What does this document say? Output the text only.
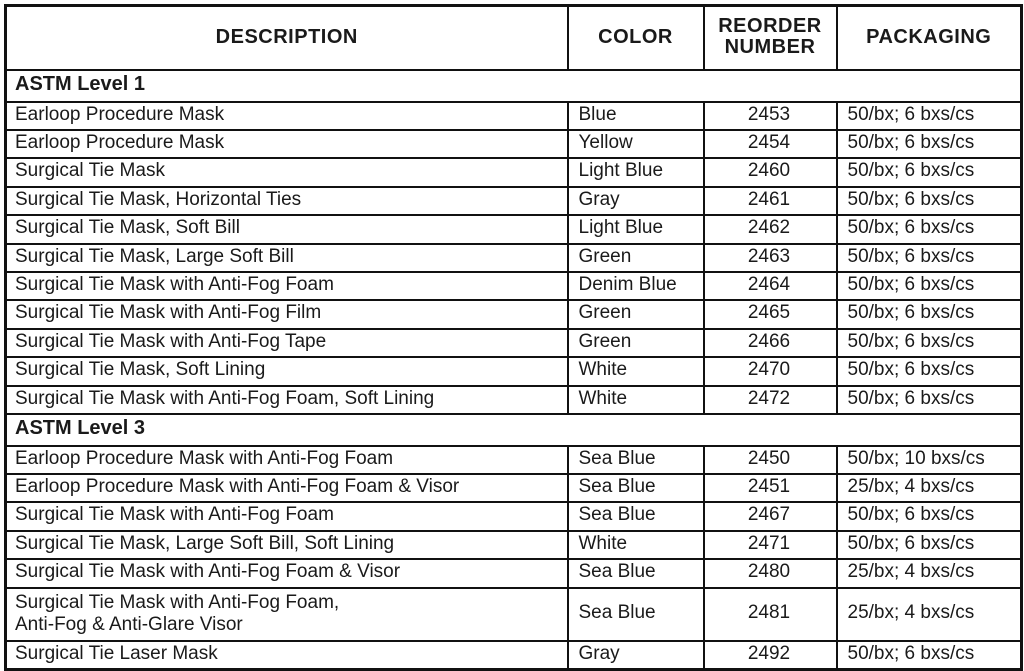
DESCRIPTION	COLOR	REORDER NUMBER	PACKAGING
ASTM Level 1			
Earloop Procedure Mask	Blue	2453	50/bx; 6 bxs/cs
Earloop Procedure Mask	Yellow	2454	50/bx; 6 bxs/cs
Surgical Tie Mask	Light Blue	2460	50/bx; 6 bxs/cs
Surgical Tie Mask, Horizontal Ties	Gray	2461	50/bx; 6 bxs/cs
Surgical Tie Mask, Soft Bill	Light Blue	2462	50/bx; 6 bxs/cs
Surgical Tie Mask, Large Soft Bill	Green	2463	50/bx; 6 bxs/cs
Surgical Tie Mask with Anti-Fog Foam	Denim Blue	2464	50/bx; 6 bxs/cs
Surgical Tie Mask with Anti-Fog Film	Green	2465	50/bx; 6 bxs/cs
Surgical Tie Mask with Anti-Fog Tape	Green	2466	50/bx; 6 bxs/cs
Surgical Tie Mask, Soft Lining	White	2470	50/bx; 6 bxs/cs
Surgical Tie Mask with Anti-Fog Foam, Soft Lining	White	2472	50/bx; 6 bxs/cs
ASTM Level 3			
Earloop Procedure Mask with Anti-Fog Foam	Sea Blue	2450	50/bx; 10 bxs/cs
Earloop Procedure Mask with Anti-Fog Foam & Visor	Sea Blue	2451	25/bx; 4 bxs/cs
Surgical Tie Mask with Anti-Fog Foam	Sea Blue	2467	50/bx; 6 bxs/cs
Surgical Tie Mask, Large Soft Bill, Soft Lining	White	2471	50/bx; 6 bxs/cs
Surgical Tie Mask with Anti-Fog Foam & Visor	Sea Blue	2480	25/bx; 4 bxs/cs
Surgical Tie Mask with Anti-Fog Foam,
Anti-Fog & Anti-Glare Visor	Sea Blue	2481	25/bx; 4 bxs/cs
Surgical Tie Laser Mask	Gray	2492	50/bx; 6 bxs/cs
